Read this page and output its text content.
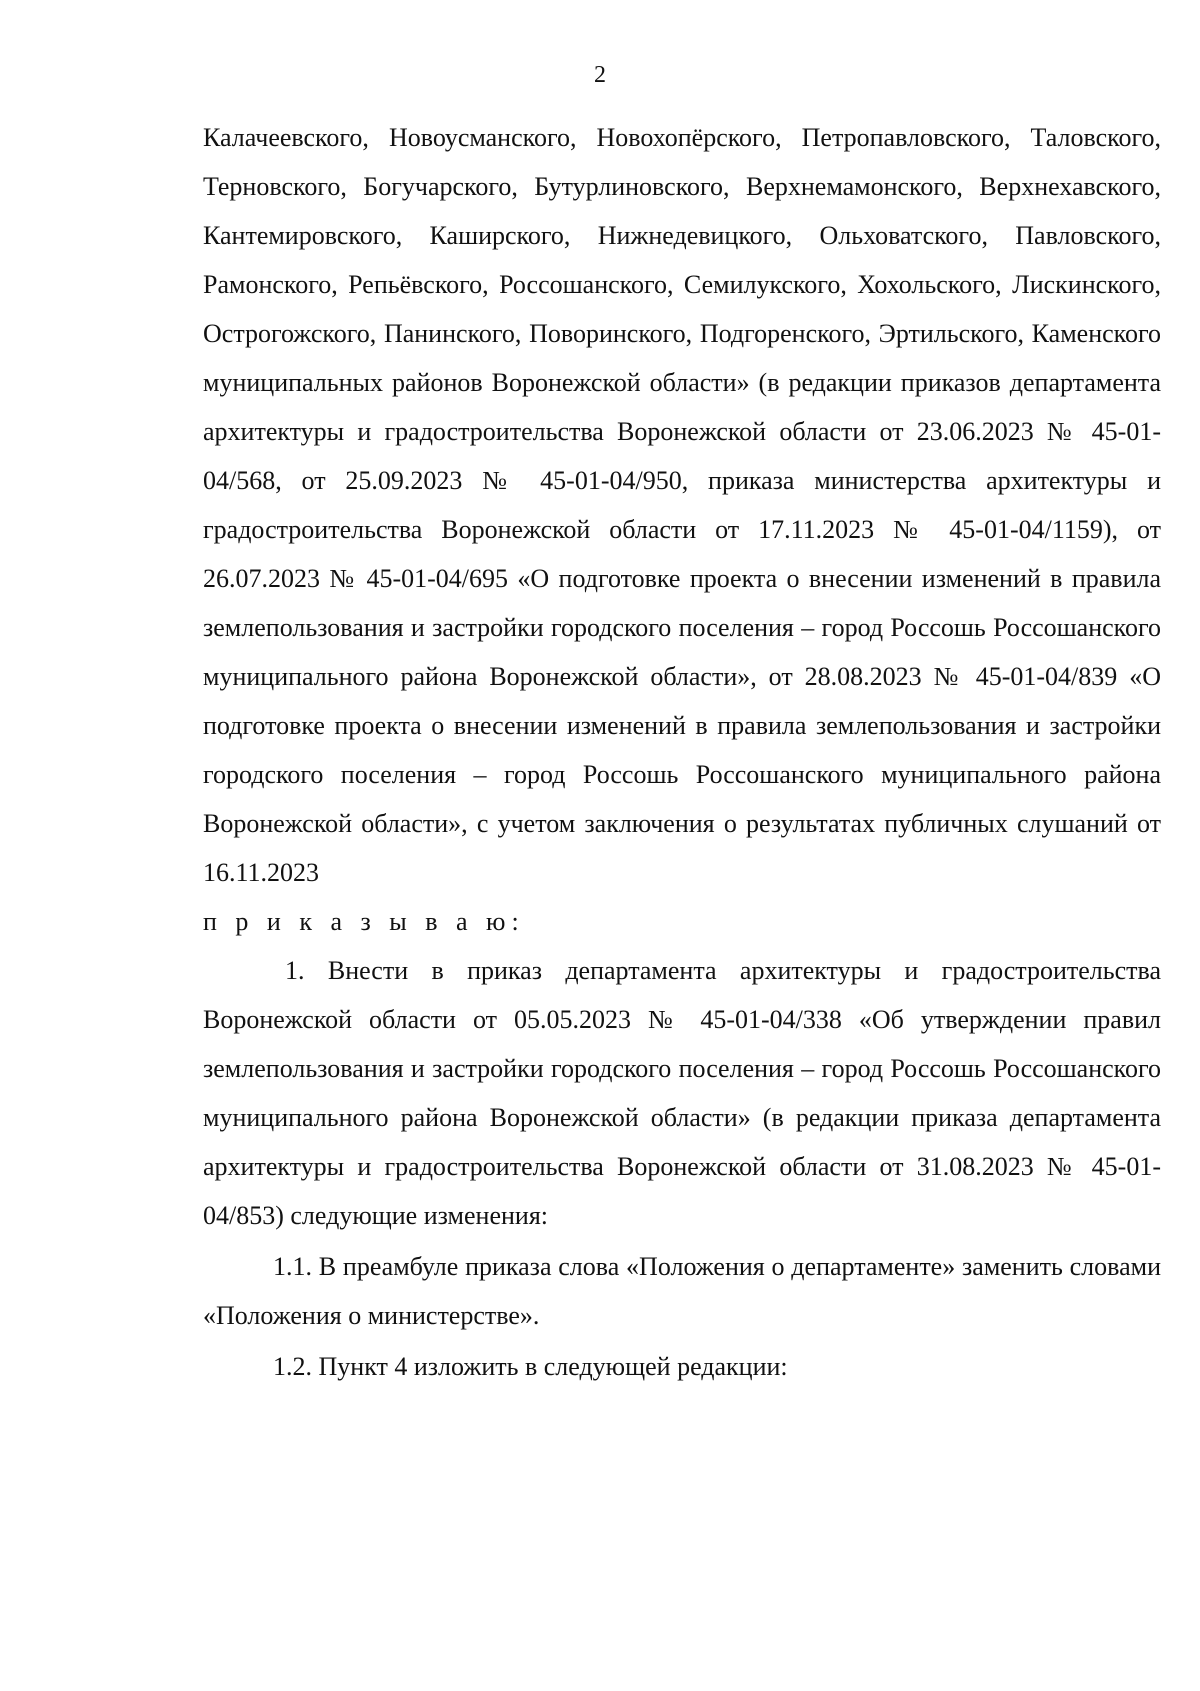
2

Калачеевского, Новоусманского, Новохопёрского, Петропавловского, Таловского, Терновского, Богучарского, Бутурлиновского, Верхнемамонского, Верхнехавского, Кантемировского, Каширского, Нижнедевицкого, Ольховатского, Павловского, Рамонского, Репьёвского, Россошанского, Семилукского, Хохольского, Лискинского, Острогожского, Панинского, Поворинского, Подгоренского, Эртильского, Каменского муниципальных районов Воронежской области» (в редакции приказов департамента архитектуры и градостроительства Воронежской области от 23.06.2023 № 45-01-04/568, от 25.09.2023 № 45-01-04/950, приказа министерства архитектуры и градостроительства Воронежской области от 17.11.2023 № 45-01-04/1159), от 26.07.2023 № 45-01-04/695 «О подготовке проекта о внесении изменений в правила землепользования и застройки городского поселения – город Россошь Россошанского муниципального района Воронежской области», от 28.08.2023 № 45-01-04/839 «О подготовке проекта о внесении изменений в правила землепользования и застройки городского поселения – город Россошь Россошанского муниципального района Воронежской области», с учетом заключения о результатах публичных слушаний от 16.11.2023

п р и к а з ы в а ю:

1. Внести в приказ департамента архитектуры и градостроительства Воронежской области от 05.05.2023 № 45-01-04/338 «Об утверждении правил землепользования и застройки городского поселения – город Россошь Россошанского муниципального района Воронежской области» (в редакции приказа департамента архитектуры и градостроительства Воронежской области от 31.08.2023 № 45-01-04/853) следующие изменения:

1.1. В преамбуле приказа слова «Положения о департаменте» заменить словами «Положения о министерстве».

1.2. Пункт 4 изложить в следующей редакции:
